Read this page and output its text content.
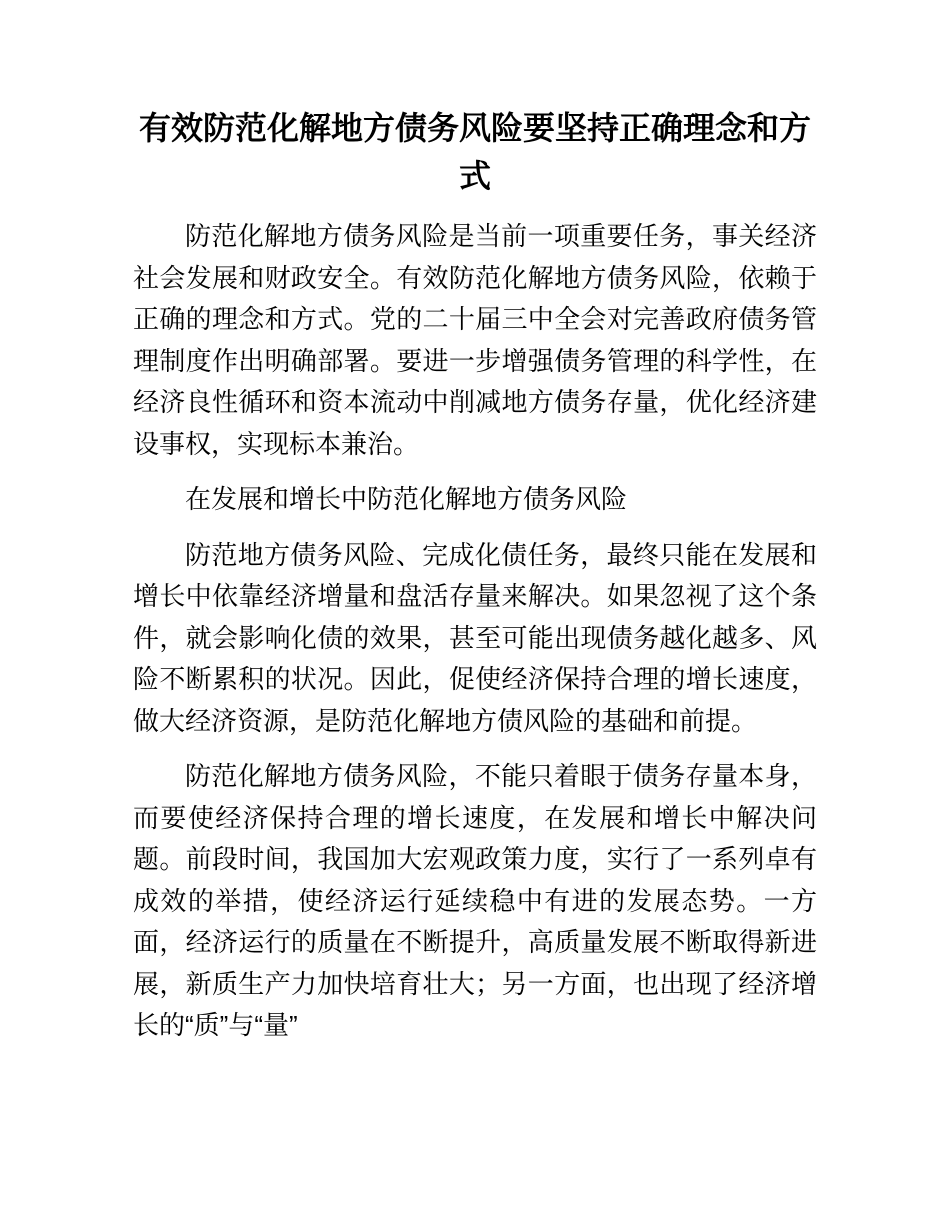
有效防范化解地方债务风险要坚持正确理念和方式

防范化解地方债务风险是当前一项重要任务，事关经济社会发展和财政安全。有效防范化解地方债务风险，依赖于正确的理念和方式。党的二十届三中全会对完善政府债务管理制度作出明确部署。要进一步增强债务管理的科学性，在经济良性循环和资本流动中削减地方债务存量，优化经济建设事权，实现标本兼治。

在发展和增长中防范化解地方债务风险

防范地方债务风险、完成化债任务，最终只能在发展和增长中依靠经济增量和盘活存量来解决。如果忽视了这个条件，就会影响化债的效果，甚至可能出现债务越化越多、风险不断累积的状况。因此，促使经济保持合理的增长速度，做大经济资源，是防范化解地方债风险的基础和前提。

防范化解地方债务风险，不能只着眼于债务存量本身，而要使经济保持合理的增长速度，在发展和增长中解决问题。前段时间，我国加大宏观政策力度，实行了一系列卓有成效的举措，使经济运行延续稳中有进的发展态势。一方面，经济运行的质量在不断提升，高质量发展不断取得新进展，新质生产力加快培育壮大；另一方面，也出现了经济增长的“质”与“量”
